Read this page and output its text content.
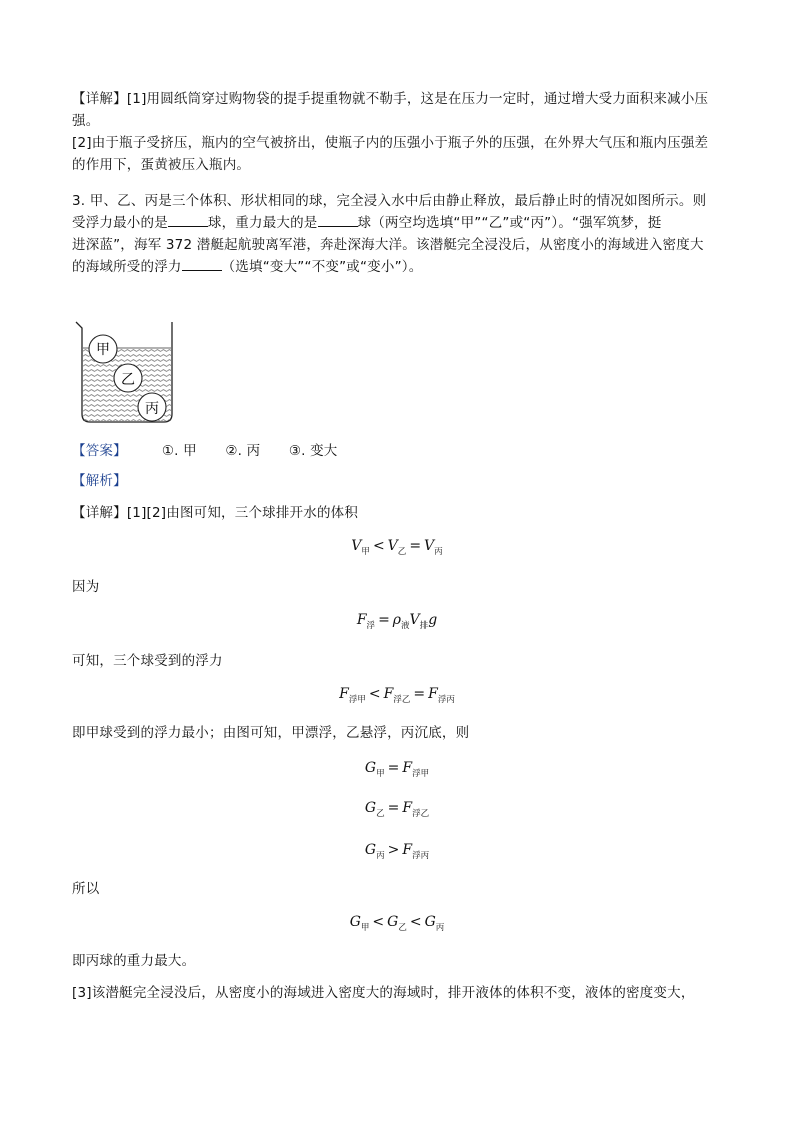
【详解】[1]用圆纸筒穿过购物袋的提手提重物就不勒手，这是在压力一定时，通过增大受力面积来减小压
强。

[2]由于瓶子受挤压，瓶内的空气被挤出，使瓶子内的压强小于瓶子外的压强，在外界大气压和瓶内压强差
的作用下，蛋黄被压入瓶内。

3. 甲、乙、丙是三个体积、形状相同的球，完全浸入水中后由静止释放，最后静止时的情况如图所示。则
受浮力最小的是	球，重力最大的是	球（两空均选填“甲”“乙”或“丙”）。“强军筑梦，挺
进深蓝”，海军 372 潜艇起航驶离军港，奔赴深海大洋。该潜艇完全浸没后，从密度小的海域进入密度大
的海域所受的浮力	（选填“变大”“不变”或“变小”）。

甲
乙
丙

【答案】	①. 甲 ②. 丙 ③. 变大

【解析】

【详解】[1][2]由图可知，三个球排开水的体积

$V_甲 < V_乙 = V_丙$

因为

$F_浮 = \rho_液V_排g$

可知，三个球受到的浮力

$F_{浮甲} < F_{浮乙} = F_{浮丙}$

即甲球受到的浮力最小；由图可知，甲漂浮，乙悬浮，丙沉底，则

$G_甲 = F_{浮甲}$
$G_乙 = F_{浮乙}$
$G_丙 > F_{浮丙}$

所以

$G_甲 < G_乙 < G_丙$

即丙球的重力最大。

[3]该潜艇完全浸没后，从密度小的海域进入密度大的海域时，排开液体的体积不变，液体的密度变大，
